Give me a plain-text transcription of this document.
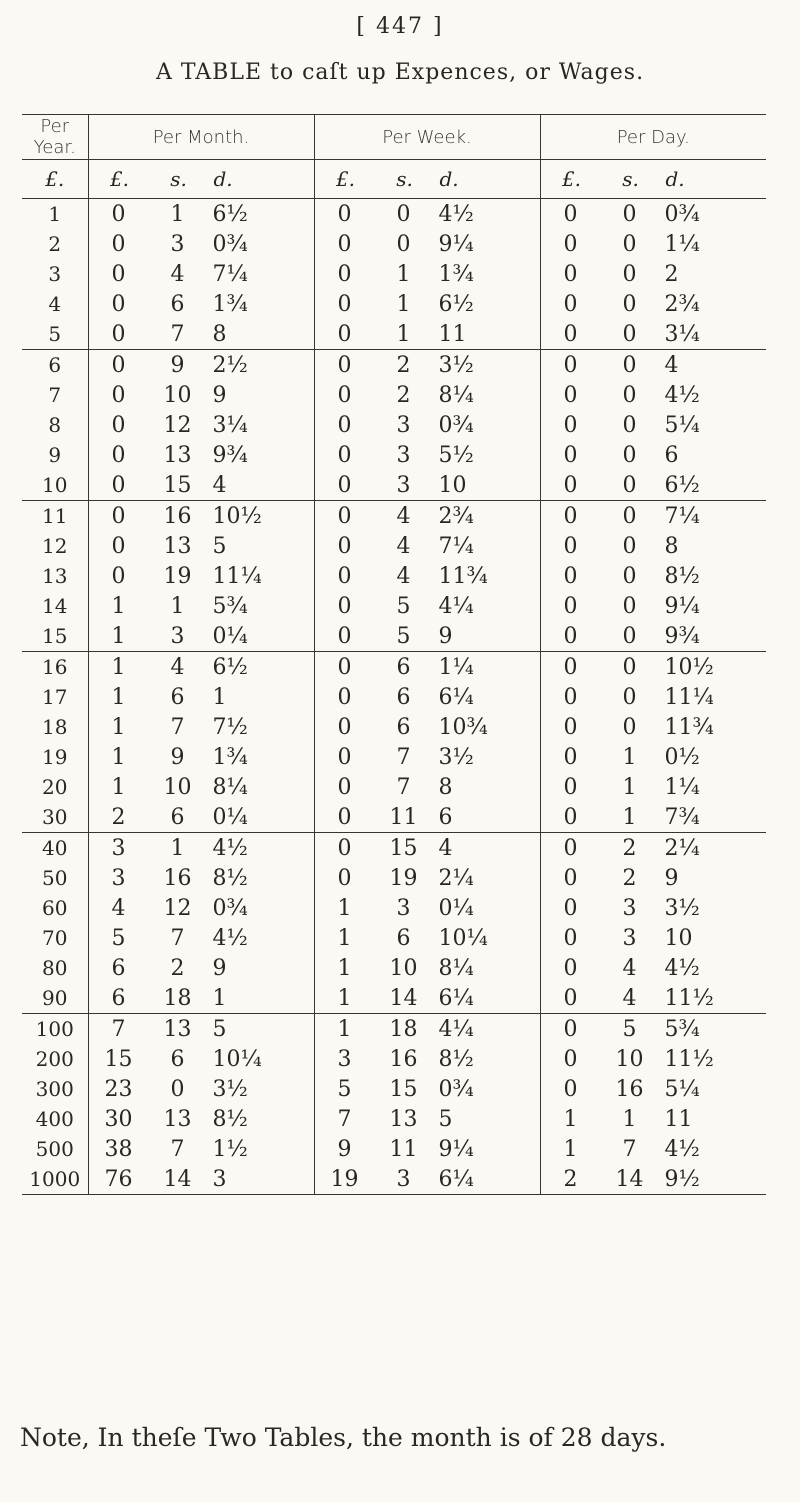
[ 447 ]
A TABLE to caſt up Expences, or Wages.
Per Year.	Per Month.	Per Week.	Per Day.
£.	£. s. d.	£. s. d.	£. s. d.

1	0 1 6½	0 0 4½	0 0 0¾

2	0 3 0¾	0 0 9¼	0 0 1¼

3	0 4 7¼	0 1 1¾	0 0 2

4	0 6 1¾	0 1 6½	0 0 2¾

5	0 7 8	0 1 11	0 0 3¼

6	0 9 2½	0 2 3½	0 0 4

7	0 10 9	0 2 8¼	0 0 4½

8	0 12 3¼	0 3 0¾	0 0 5¼

9	0 13 9¾	0 3 5½	0 0 6

10	0 15 4	0 3 10	0 0 6½

11	0 16 10½	0 4 2¾	0 0 7¼

12	0 13 5	0 4 7¼	0 0 8

13	0 19 11¼	0 4 11¾	0 0 8½

14	1 1 5¾	0 5 4¼	0 0 9¼

15	1 3 0¼	0 5 9	0 0 9¾

16	1 4 6½	0 6 1¼	0 0 10½

17	1 6 1	0 6 6¼	0 0 11¼

18	1 7 7½	0 6 10¾	0 0 11¾

19	1 9 1¾	0 7 3½	0 1 0½

20	1 10 8¼	0 7 8	0 1 1¼

30	2 6 0¼	0 11 6	0 1 7¾

40	3 1 4½	0 15 4	0 2 2¼

50	3 16 8½	0 19 2¼	0 2 9

60	4 12 0¾	1 3 0¼	0 3 3½

70	5 7 4½	1 6 10¼	0 3 10

80	6 2 9	1 10 8¼	0 4 4½

90	6 18 1	1 14 6¼	0 4 11½

100	7 13 5	1 18 4¼	0 5 5¾

200	15 6 10¼	3 16 8½	0 10 11½

300	23 0 3½	5 15 0¾	0 16 5¼

400	30 13 8½	7 13 5	1 1 11

500	38 7 1½	9 11 9¼	1 7 4½

1000	76 14 3	19 3 6¼	2 14 9½
Note, In theſe Two Tables, the month is of 28 days.
